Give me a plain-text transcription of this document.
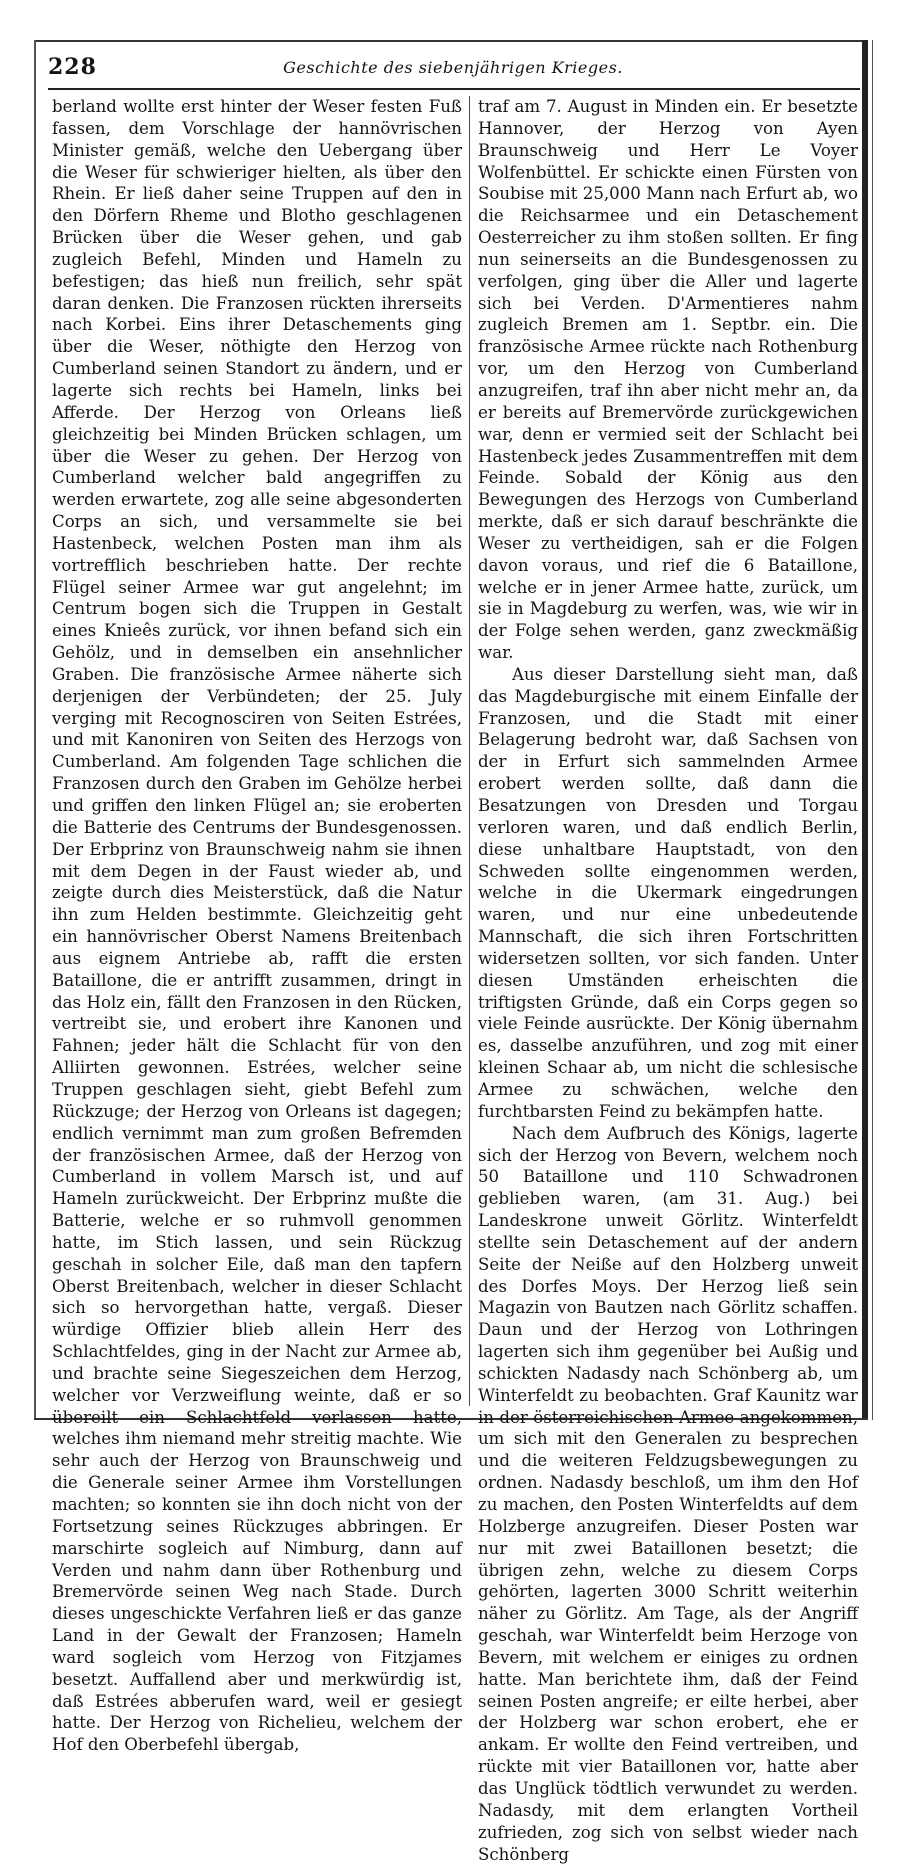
228	Geschichte des siebenjährigen Krieges.

berland wollte erst hinter der Weser festen Fuß fassen, dem Vorschlage der hannövrischen Minister gemäß, welche den Uebergang über die Weser für schwieriger hielten, als über den Rhein. Er ließ daher seine Truppen auf den in den Dörfern Rheme und Blotho geschlagenen Brücken über die Weser gehen, und gab zugleich Befehl, Minden und Hameln zu befestigen; das hieß nun freilich, sehr spät daran denken. Die Franzosen rückten ihrerseits nach Korbei. Eins ihrer Detaschements ging über die Weser, nöthigte den Herzog von Cumberland seinen Standort zu ändern, und er lagerte sich rechts bei Hameln, links bei Afferde. Der Herzog von Orleans ließ gleichzeitig bei Minden Brücken schlagen, um über die Weser zu gehen. Der Herzog von Cumberland welcher bald angegriffen zu werden erwartete, zog alle seine abgesonderten Corps an sich, und versammelte sie bei Hastenbeck, welchen Posten man ihm als vortrefflich beschrieben hatte. Der rechte Flügel seiner Armee war gut angelehnt; im Centrum bogen sich die Truppen in Gestalt eines Knieês zurück, vor ihnen befand sich ein Gehölz, und in demselben ein ansehnlicher Graben. Die französische Armee näherte sich derjenigen der Verbündeten; der 25. July verging mit Recognosciren von Seiten Estrées, und mit Kanoniren von Seiten des Herzogs von Cumberland. Am folgenden Tage schlichen die Franzosen durch den Graben im Gehölze herbei und griffen den linken Flügel an; sie eroberten die Batterie des Centrums der Bundesgenossen. Der Erbprinz von Braunschweig nahm sie ihnen mit dem Degen in der Faust wieder ab, und zeigte durch dies Meisterstück, daß die Natur ihn zum Helden bestimmte. Gleichzeitig geht ein hannövrischer Oberst Namens Breitenbach aus eignem Antriebe ab, rafft die ersten Bataillone, die er antrifft zusammen, dringt in das Holz ein, fällt den Franzosen in den Rücken, vertreibt sie, und erobert ihre Kanonen und Fahnen; jeder hält die Schlacht für von den Alliirten gewonnen. Estrées, welcher seine Truppen geschlagen sieht, giebt Befehl zum Rückzuge; der Herzog von Orleans ist dagegen; endlich vernimmt man zum großen Befremden der französischen Armee, daß der Herzog von Cumberland in vollem Marsch ist, und auf Hameln zurückweicht. Der Erbprinz mußte die Batterie, welche er so ruhmvoll genommen hatte, im Stich lassen, und sein Rückzug geschah in solcher Eile, daß man den tapfern Oberst Breitenbach, welcher in dieser Schlacht sich so hervorgethan hatte, vergaß. Dieser würdige Offizier blieb allein Herr des Schlachtfeldes, ging in der Nacht zur Armee ab, und brachte seine Siegeszeichen dem Herzog, welcher vor Verzweiflung weinte, daß er so übereilt ein Schlachtfeld verlassen hatte, welches ihm niemand mehr streitig machte. Wie sehr auch der Herzog von Braunschweig und die Generale seiner Armee ihm Vorstellungen machten; so konnten sie ihn doch nicht von der Fortsetzung seines Rückzuges abbringen. Er marschirte sogleich auf Nimburg, dann auf Verden und nahm dann über Rothenburg und Bremervörde seinen Weg nach Stade. Durch dieses ungeschickte Verfahren ließ er das ganze Land in der Gewalt der Franzosen; Hameln ward sogleich vom Herzog von Fitzjames besetzt. Auffallend aber und merkwürdig ist, daß Estrées abberufen ward, weil er gesiegt hatte. Der Herzog von Richelieu, welchem der Hof den Oberbefehl übergab,

traf am 7. August in Minden ein. Er besetzte Hannover, der Herzog von Ayen Braunschweig und Herr Le Voyer Wolfenbüttel. Er schickte einen Fürsten von Soubise mit 25,000 Mann nach Erfurt ab, wo die Reichsarmee und ein Detaschement Oesterreicher zu ihm stoßen sollten. Er fing nun seinerseits an die Bundesgenossen zu verfolgen, ging über die Aller und lagerte sich bei Verden. D'Armentieres nahm zugleich Bremen am 1. Septbr. ein. Die französische Armee rückte nach Rothenburg vor, um den Herzog von Cumberland anzugreifen, traf ihn aber nicht mehr an, da er bereits auf Bremervörde zurückgewichen war, denn er vermied seit der Schlacht bei Hastenbeck jedes Zusammentreffen mit dem Feinde. Sobald der König aus den Bewegungen des Herzogs von Cumberland merkte, daß er sich darauf beschränkte die Weser zu vertheidigen, sah er die Folgen davon voraus, und rief die 6 Bataillone, welche er in jener Armee hatte, zurück, um sie in Magdeburg zu werfen, was, wie wir in der Folge sehen werden, ganz zweckmäßig war.

Aus dieser Darstellung sieht man, daß das Magdeburgische mit einem Einfalle der Franzosen, und die Stadt mit einer Belagerung bedroht war, daß Sachsen von der in Erfurt sich sammelnden Armee erobert werden sollte, daß dann die Besatzungen von Dresden und Torgau verloren waren, und daß endlich Berlin, diese unhaltbare Hauptstadt, von den Schweden sollte eingenommen werden, welche in die Ukermark eingedrungen waren, und nur eine unbedeutende Mannschaft, die sich ihren Fortschritten widersetzen sollten, vor sich fanden. Unter diesen Umständen erheischten die triftigsten Gründe, daß ein Corps gegen so viele Feinde ausrückte. Der König übernahm es, dasselbe anzuführen, und zog mit einer kleinen Schaar ab, um nicht die schlesische Armee zu schwächen, welche den furchtbarsten Feind zu bekämpfen hatte.

Nach dem Aufbruch des Königs, lagerte sich der Herzog von Bevern, welchem noch 50 Bataillone und 110 Schwadronen geblieben waren, (am 31. Aug.) bei Landeskrone unweit Görlitz. Winterfeldt stellte sein Detaschement auf der andern Seite der Neiße auf den Holzberg unweit des Dorfes Moys. Der Herzog ließ sein Magazin von Bautzen nach Görlitz schaffen. Daun und der Herzog von Lothringen lagerten sich ihm gegenüber bei Außig und schickten Nadasdy nach Schönberg ab, um Winterfeldt zu beobachten. Graf Kaunitz war in der österreichischen Armee angekommen, um sich mit den Generalen zu besprechen und die weiteren Feldzugsbewegungen zu ordnen. Nadasdy beschloß, um ihm den Hof zu machen, den Posten Winterfeldts auf dem Holzberge anzugreifen. Dieser Posten war nur mit zwei Bataillonen besetzt; die übrigen zehn, welche zu diesem Corps gehörten, lagerten 3000 Schritt weiterhin näher zu Görlitz. Am Tage, als der Angriff geschah, war Winterfeldt beim Herzoge von Bevern, mit welchem er einiges zu ordnen hatte. Man berichtete ihm, daß der Feind seinen Posten angreife; er eilte herbei, aber der Holzberg war schon erobert, ehe er ankam. Er wollte den Feind vertreiben, und rückte mit vier Bataillonen vor, hatte aber das Unglück tödtlich verwundet zu werden. Nadasdy, mit dem erlangten Vortheil zufrieden, zog sich von selbst wieder nach Schönberg
